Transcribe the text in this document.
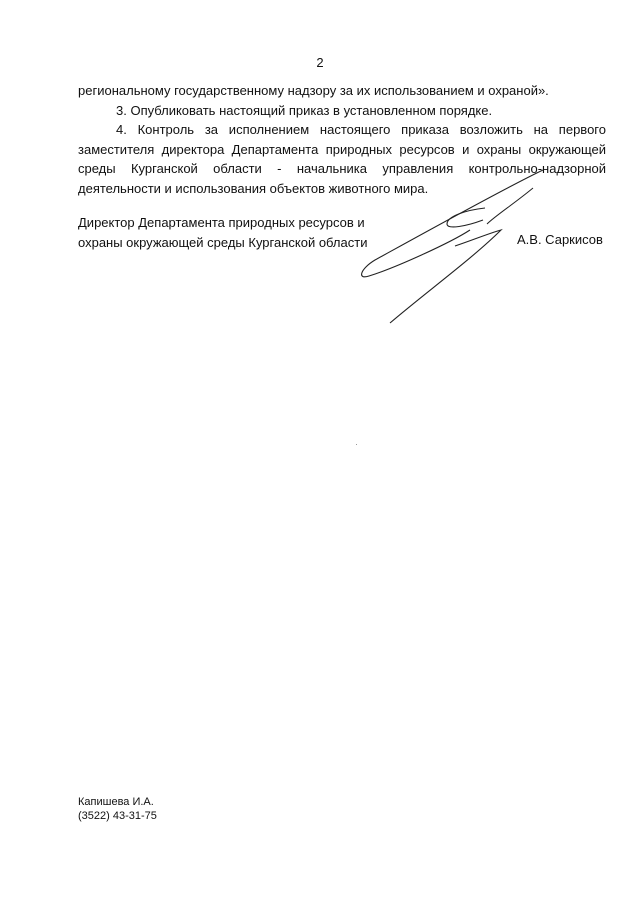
2

региональному государственному надзору за их использованием и охраной».

3. Опубликовать настоящий приказ в установленном порядке.

4. Контроль за исполнением настоящего приказа возложить на первого заместителя директора Департамента природных ресурсов и охраны окружающей среды Курганской области - начальника управления контрольно-надзорной деятельности и использования объектов животного мира.

Директор Департамента природных ресурсов и
охраны окружающей среды Курганской области	А.В. Саркисов
Капишева И.А.
(3522) 43-31-75
